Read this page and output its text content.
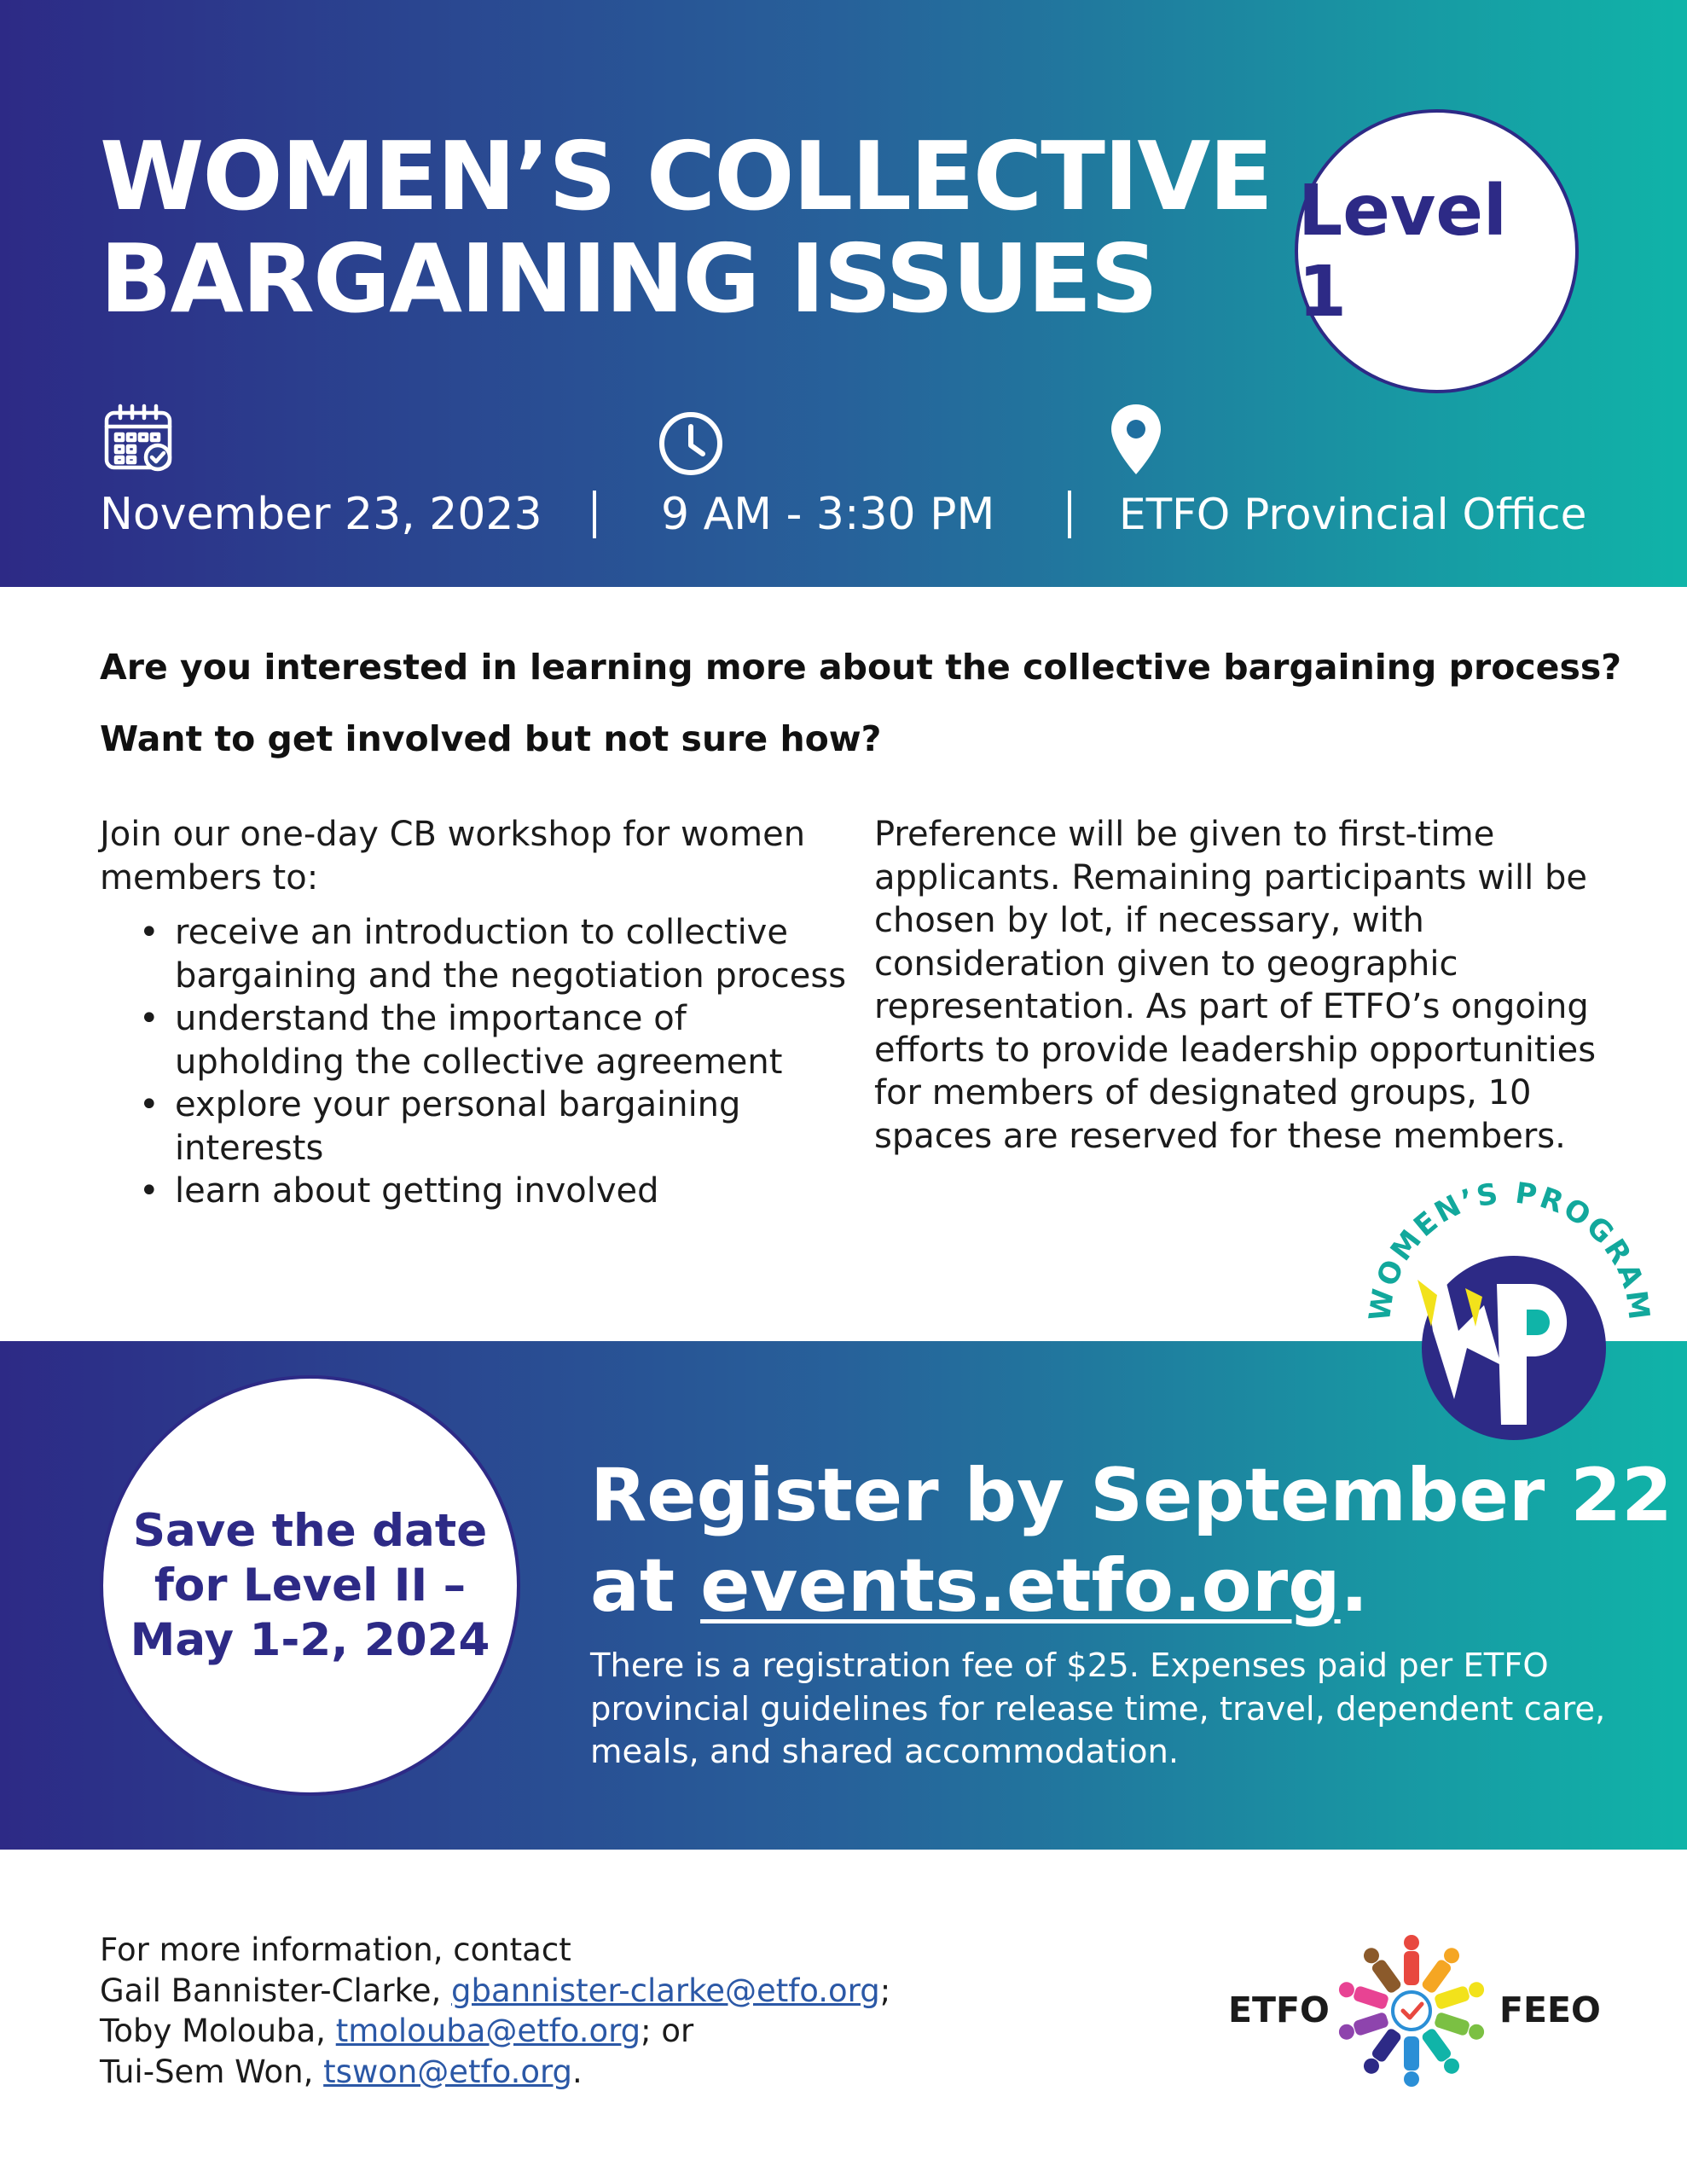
WOMEN’S COLLECTIVE
BARGAINING ISSUES
Level 1
November 23, 2023	9 AM - 3:30 PM	ETFO Provincial Office

Are you interested in learning more about the collective bargaining process?

Want to get involved but not sure how?

Join our one-day CB workshop for women members to:

• receive an introduction to collective bargaining and the negotiation process
• understand the importance of upholding the collective agreement
• explore your personal bargaining interests
• learn about getting involved

Preference will be given to first-time applicants. Remaining participants will be chosen by lot, if necessary, with consideration given to geographic representation. As part of ETFO’s ongoing efforts to provide leadership opportunities for members of designated groups, 10 spaces are reserved for these members.

WOMEN’S PROGRAM
Save the date
for Level II –
May 1-2, 2024
Register by September 22
at events.etfo.org.

There is a registration fee of $25. Expenses paid per ETFO provincial guidelines for release time, travel, dependent care, meals, and shared accommodation.

For more information, contact
Gail Bannister-Clarke, gbannister-clarke@etfo.org;
Toby Molouba, tmolouba@etfo.org; or
Tui-Sem Won, tswon@etfo.org.

ETFO	FEEO
